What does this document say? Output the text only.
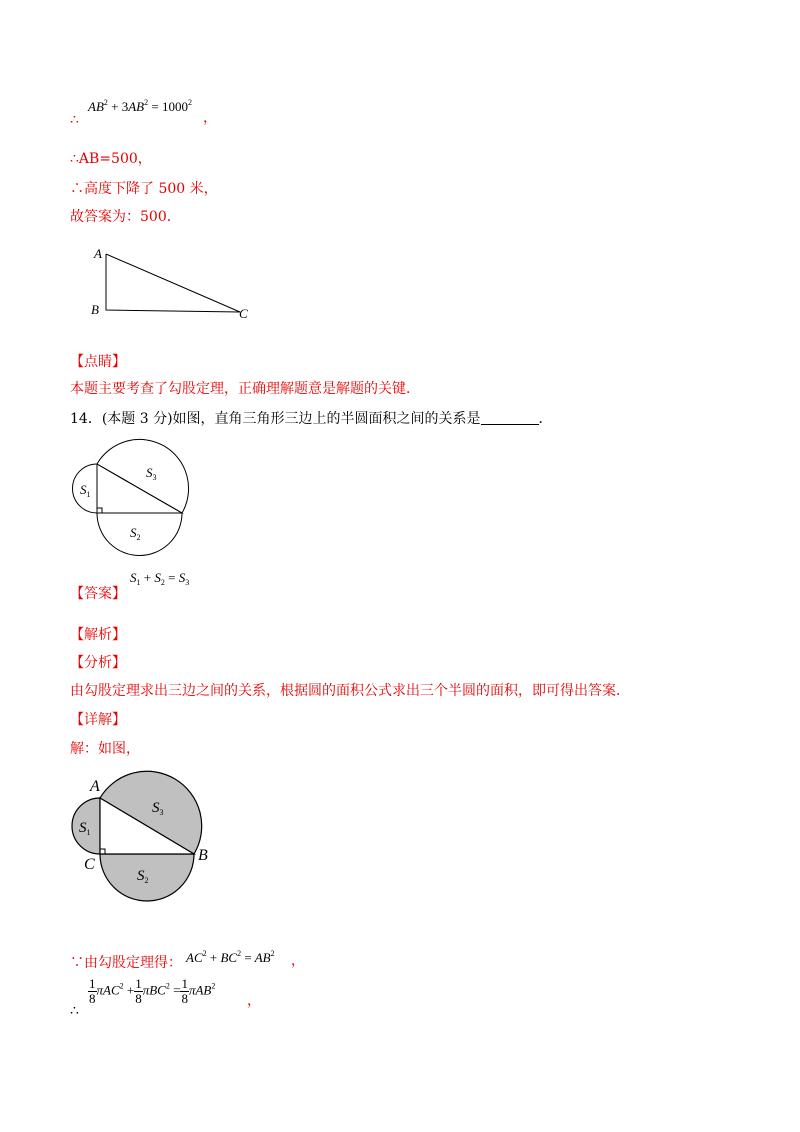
∴
$AB^2 + 3AB^2 = 1000^2$
，
∴AB=500，
∴高度下降了 500 米，
故答案为：500．
A
B	C
【点睛】
本题主要考查了勾股定理，正确理解题意是解题的关键．
14．(本题 3 分)如图，直角三角形三边上的半圆面积之间的关系是	．
$S_3$
$S_1$
$S_2$
【答案】
$S_1 + S_2 = S_3$
【解析】
【分析】
由勾股定理求出三边之间的关系，根据圆的面积公式求出三个半圆的面积，即可得出答案．
【详解】
解：如图，
A
B
C
$S_3$
$S_1$
$S_2$
∵由勾股定理得： $AC^2 + BC^2 = AB^2$ ，
∴
$\frac{1}{8} \pi AC^2 + \frac{1}{8} \pi BC^2 = \frac{1}{8} \pi AB^2$
，
